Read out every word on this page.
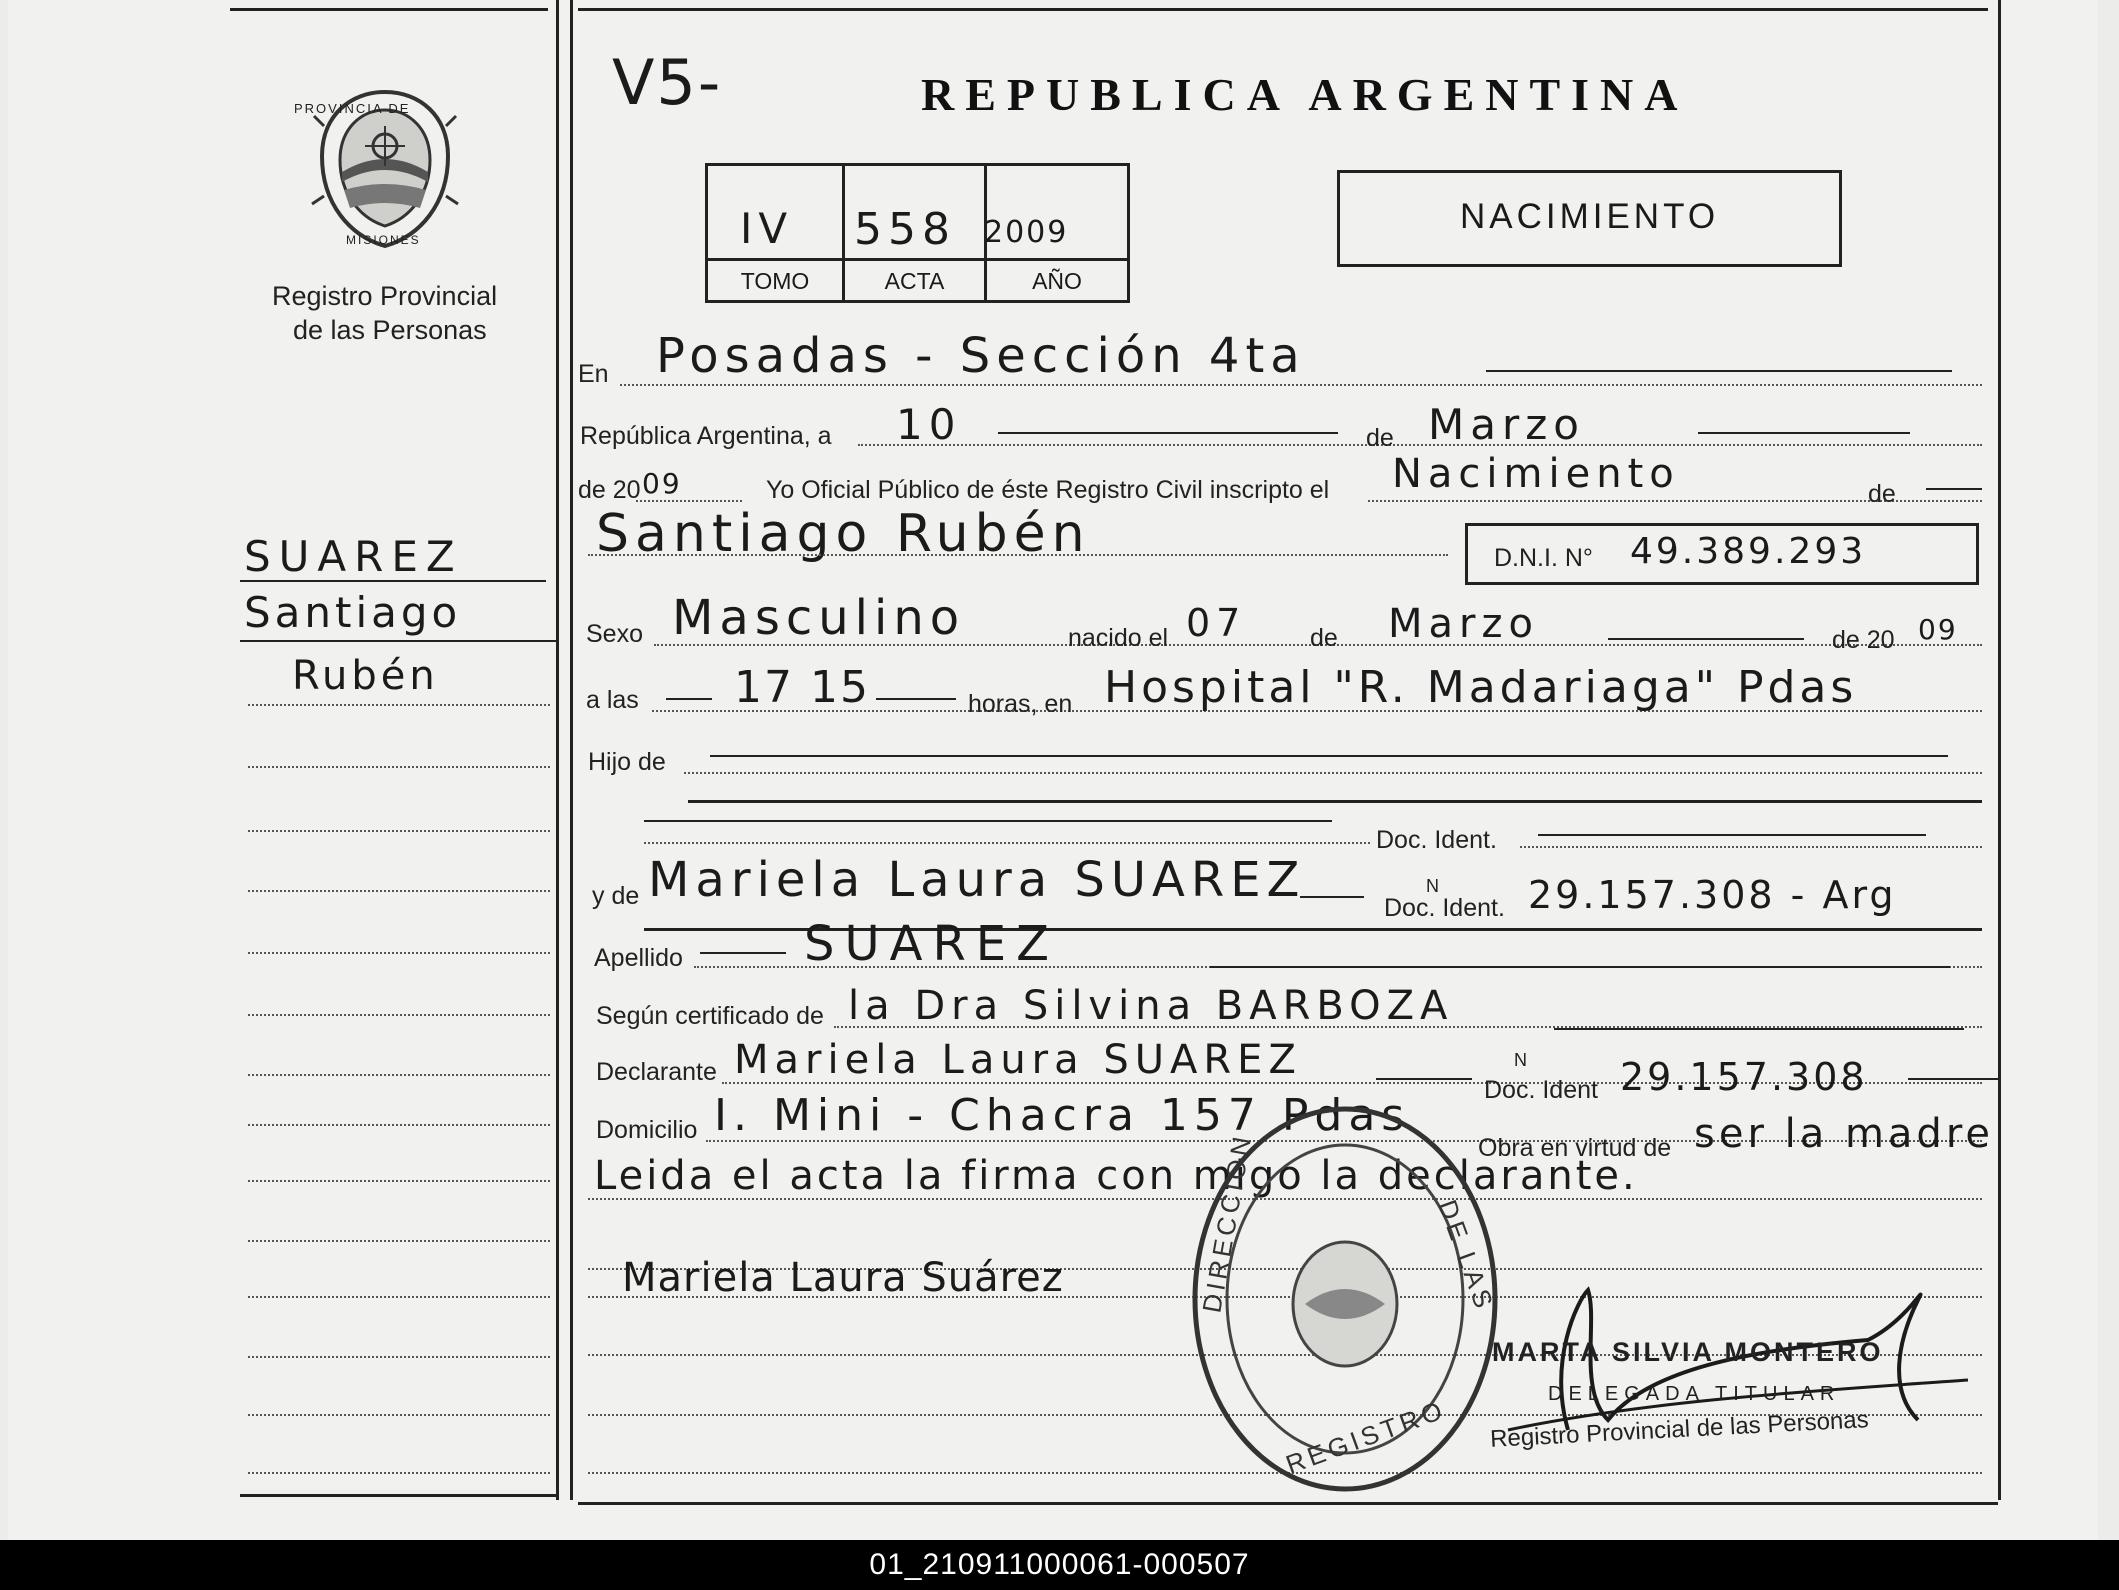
PROVINCIA DE
MISIONES
Registro Provincial
de las Personas
REPUBLICA ARGENTINA
V5-
IV 558 2009
TOMO	ACTA	AÑO
NACIMIENTO
En Posadas - Sección 4ta
República Argentina, a 10	de Marzo
de 20 09	Yo Oficial Público de éste Registro Civil inscripto el Nacimiento	de
Santiago Rubén	D.N.I. N° 49.389.293
Sexo Masculino	nacido el 07	de Marzo	de 20 09
a las 17 15	horas, en Hospital "R. Madariaga" Pdas
Hijo de
Doc. Ident.
y de Mariela Laura SUAREZ	N
Doc. Ident. 29.157.308 - Arg
Apellido	SUAREZ
Según certificado de la Dra Silvina BARBOZA
Declarante Mariela Laura SUAREZ	N
Doc. Ident 29.157.308
Domicilio I. Mini - Chacra 157 Pdas
Obra en virtud de ser la madre
Leida el acta la firma con migo la declarante.
Mariela Laura Suárez	DIRECCION	DE LAS
REGISTRO
MARTA SILVIA MONTERO
DELEGADA TITULAR
Registro Provincial de las Personas
SUAREZ
Santiago
Rubén
01_210911000061-000507
